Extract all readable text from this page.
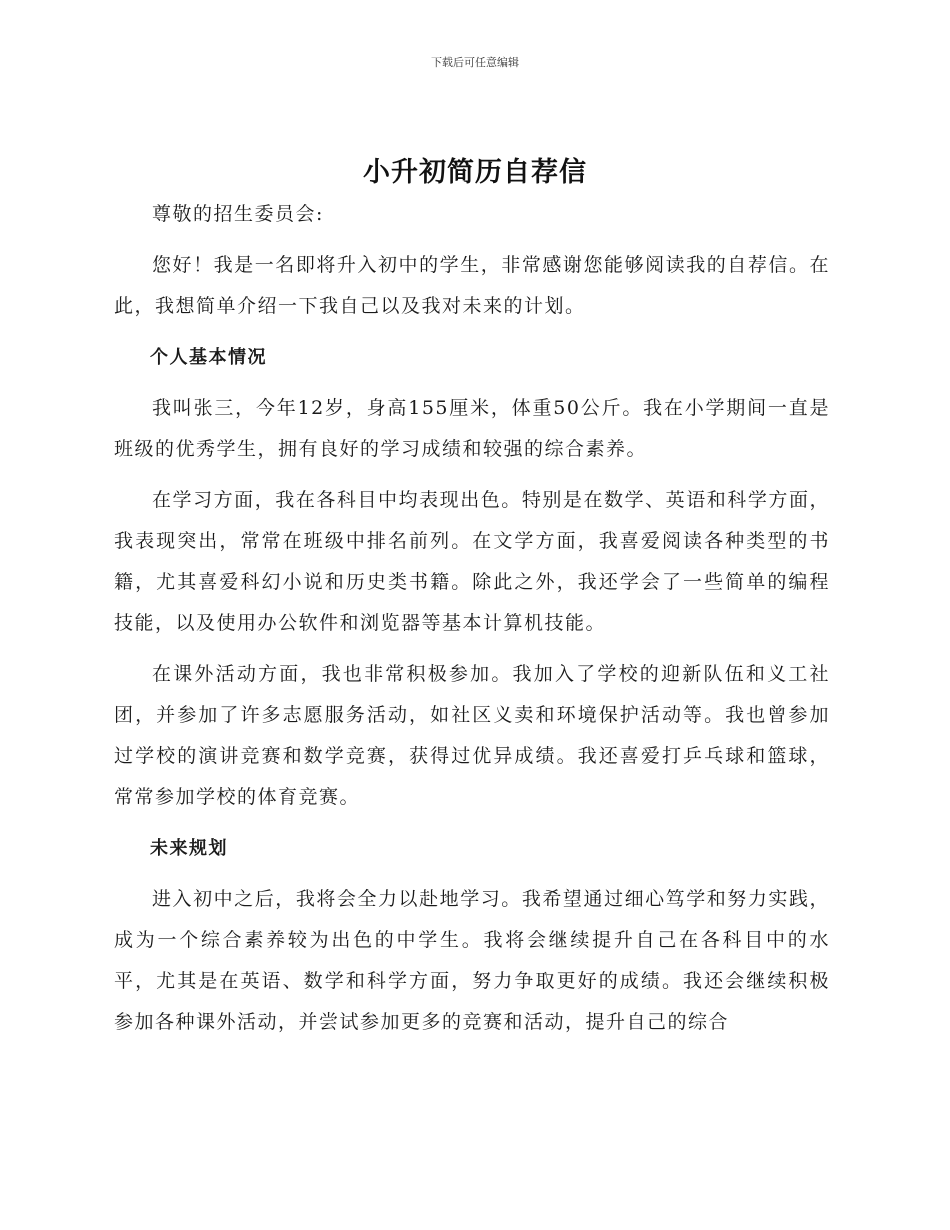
下载后可任意编辑
小升初简历自荐信

尊敬的招生委员会:

您好！我是一名即将升入初中的学生，非常感谢您能够阅读我的自荐信。在此，我想简单介绍一下我自己以及我对未来的计划。

个人基本情况

我叫张三，今年12岁，身高155厘米，体重50公斤。我在小学期间一直是班级的优秀学生，拥有良好的学习成绩和较强的综合素养。

在学习方面，我在各科目中均表现出色。特别是在数学、英语和科学方面，我表现突出，常常在班级中排名前列。在文学方面，我喜爱阅读各种类型的书籍，尤其喜爱科幻小说和历史类书籍。除此之外，我还学会了一些简单的编程技能，以及使用办公软件和浏览器等基本计算机技能。

在课外活动方面，我也非常积极参加。我加入了学校的迎新队伍和义工社团，并参加了许多志愿服务活动，如社区义卖和环境保护活动等。我也曾参加过学校的演讲竞赛和数学竞赛，获得过优异成绩。我还喜爱打乒乓球和篮球，常常参加学校的体育竞赛。

未来规划

进入初中之后，我将会全力以赴地学习。我希望通过细心笃学和努力实践，成为一个综合素养较为出色的中学生。我将会继续提升自己在各科目中的水平，尤其是在英语、数学和科学方面，努力争取更好的成绩。我还会继续积极参加各种课外活动，并尝试参加更多的竞赛和活动，提升自己的综合
